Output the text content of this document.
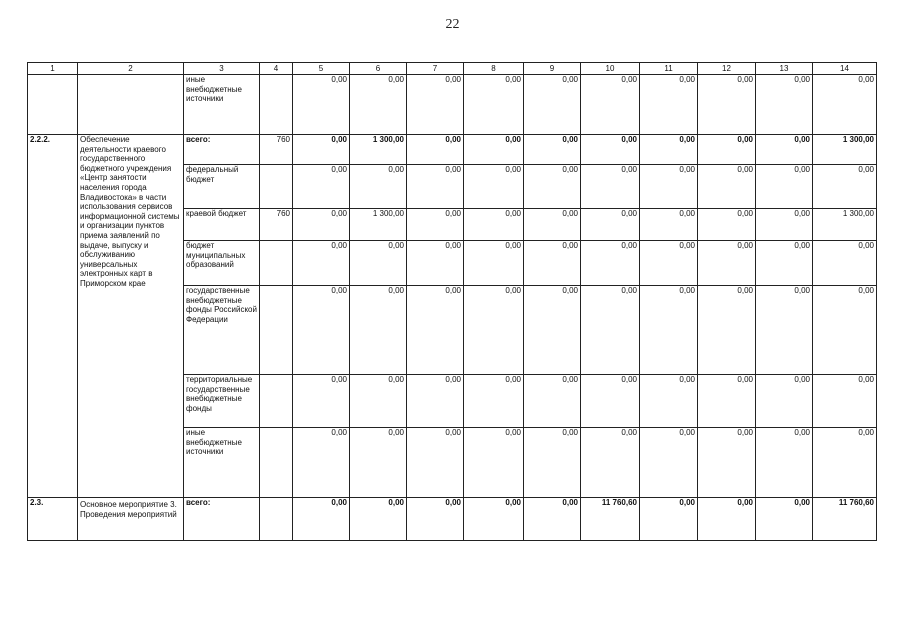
22
1	2	3	4	5	6	7	8	9	10	11	12	13	14
		иные внебюджетные источники		0,00	0,00	0,00	0,00	0,00	0,00	0,00	0,00	0,00	0,00
2.2.2.	Обеспечение деятельности краевого государственного бюджетного учреждения «Центр занятости населения города Владивостока» в части использования сервисов информационной системы и организации пунктов приема заявлений по выдаче, выпуску и обслуживанию универсальных электронных карт в Приморском крае	всего:	760	0,00	1 300,00	0,00	0,00	0,00	0,00	0,00	0,00	0,00	1 300,00
		федеральный бюджет		0,00	0,00	0,00	0,00	0,00	0,00	0,00	0,00	0,00	0,00
		краевой бюджет	760	0,00	1 300,00	0,00	0,00	0,00	0,00	0,00	0,00	0,00	1 300,00
		бюджет муниципальных образований		0,00	0,00	0,00	0,00	0,00	0,00	0,00	0,00	0,00	0,00
		государственные внебюджетные фонды Российской Федерации		0,00	0,00	0,00	0,00	0,00	0,00	0,00	0,00	0,00	0,00
		территориальные государственные внебюджетные фонды		0,00	0,00	0,00	0,00	0,00	0,00	0,00	0,00	0,00	0,00
		иные внебюджетные источники		0,00	0,00	0,00	0,00	0,00	0,00	0,00	0,00	0,00	0,00
2.3.	Основное мероприятие 3. Проведения мероприятий	всего:		0,00	0,00	0,00	0,00	0,00	11 760,60	0,00	0,00	0,00	11 760,60
